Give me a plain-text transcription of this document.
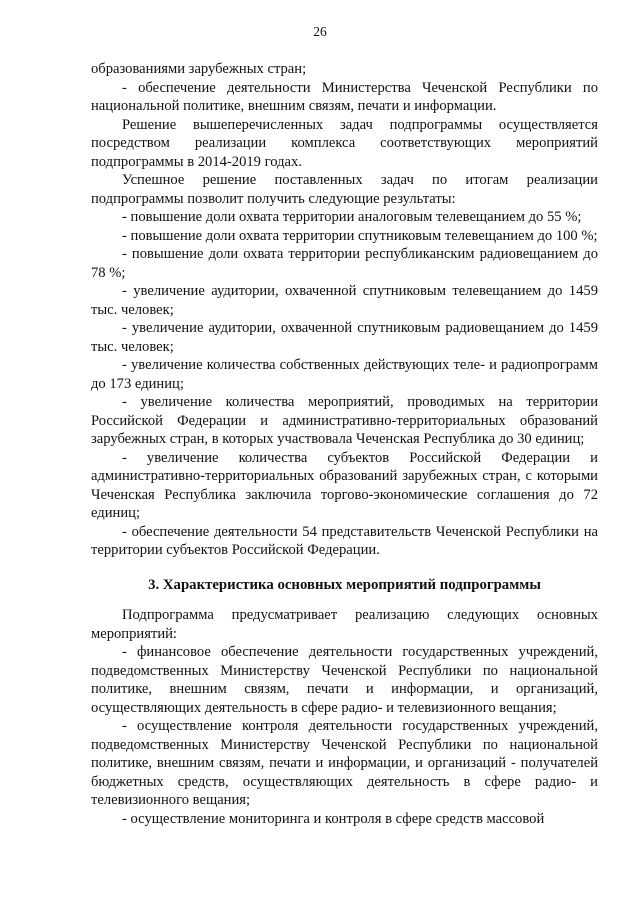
26

образованиями зарубежных стран;

- обеспечение деятельности Министерства Чеченской Республики по национальной политике, внешним связям, печати и информации.

Решение вышеперечисленных задач подпрограммы осуществляется посредством реализации комплекса соответствующих мероприятий подпрограммы в 2014-2019 годах.

Успешное решение поставленных задач по итогам реализации подпрограммы позволит получить следующие результаты:

- повышение доли охвата территории аналоговым телевещанием до 55 %;

- повышение доли охвата территории спутниковым телевещанием до 100 %;

- повышение доли охвата территории республиканским радиовещанием до 78 %;

- увеличение аудитории, охваченной спутниковым телевещанием до 1459 тыс. человек;

- увеличение аудитории, охваченной спутниковым радиовещанием до 1459 тыс. человек;

- увеличение количества собственных действующих теле- и радиопрограмм до 173 единиц;

- увеличение количества мероприятий, проводимых на территории Российской Федерации и административно-территориальных образований зарубежных стран, в которых участвовала Чеченская Республика до 30 единиц;

- увеличение количества субъектов Российской Федерации и административно-территориальных образований зарубежных стран, с которыми Чеченская Республика заключила торгово-экономические соглашения до 72 единиц;

- обеспечение деятельности 54 представительств Чеченской Республики на территории субъектов Российской Федерации.

3. Характеристика основных мероприятий подпрограммы

Подпрограмма предусматривает реализацию следующих основных мероприятий:

- финансовое обеспечение деятельности государственных учреждений, подведомственных Министерству Чеченской Республики по национальной политике, внешним связям, печати и информации, и организаций, осуществляющих деятельность в сфере радио- и телевизионного вещания;

- осуществление контроля деятельности государственных учреждений, подведомственных Министерству Чеченской Республики по национальной политике, внешним связям, печати и информации, и организаций - получателей бюджетных средств, осуществляющих деятельность в сфере радио- и телевизионного вещания;

- осуществление мониторинга и контроля в сфере средств массовой
